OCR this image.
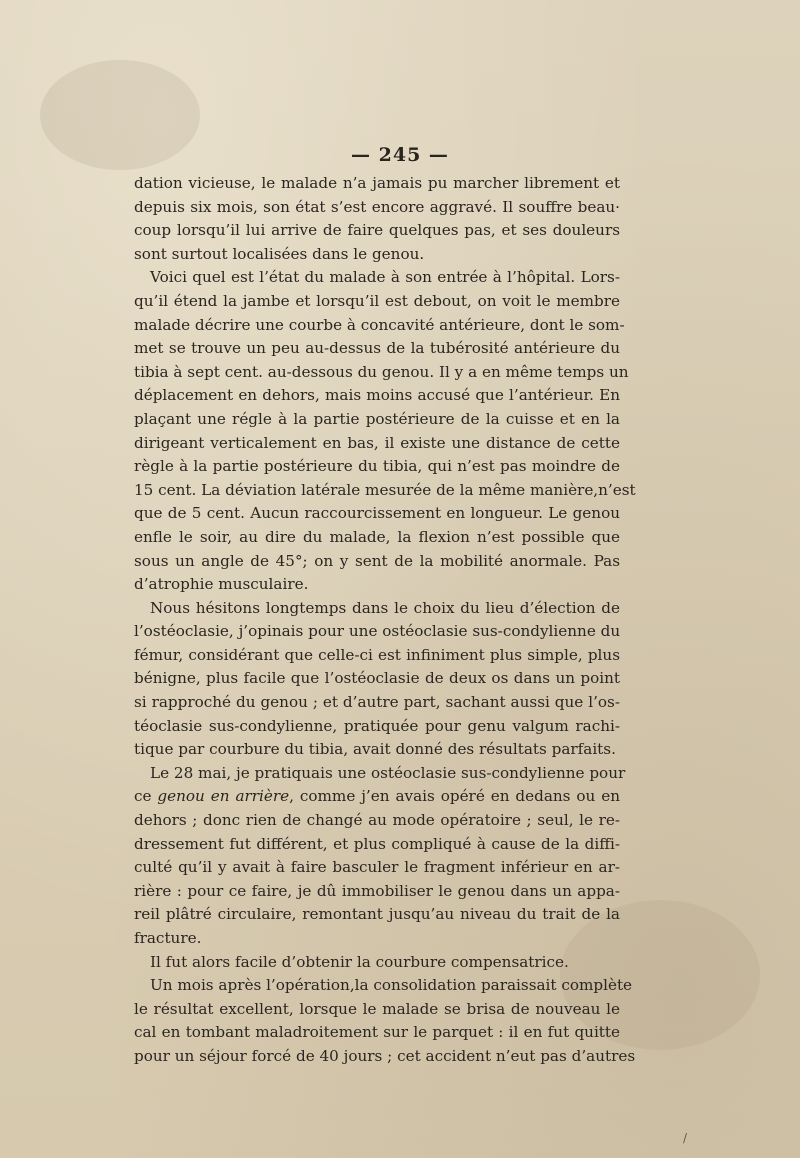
— 245 —
dation vicieuse, le malade n’a jamais pu marcher librement et
depuis six mois, son état s’est encore aggravé. Il souffre beau·
coup lorsqu’il lui arrive de faire quelques pas, et ses douleurs
sont surtout localisées dans le genou.
Voici quel est l’état du malade à son entrée à l’hôpital. Lors-
qu’il étend la jambe et lorsqu’il est debout, on voit le membre
malade décrire une courbe à concavité antérieure, dont le som-
met se trouve un peu au-dessus de la tubérosité antérieure du
tibia à sept cent. au-dessous du genou. Il y a en même temps un
déplacement en dehors, mais moins accusé que l’antérieur. En
plaçant une régle à la partie postérieure de la cuisse et en la
dirigeant verticalement en bas, il existe une distance de cette
règle à la partie postérieure du tibia, qui n’est pas moindre de
15 cent. La déviation latérale mesurée de la même manière,n’est
que de 5 cent. Aucun raccourcissement en longueur. Le genou
enfle le soir, au dire du malade, la flexion n’est possible que
sous un angle de 45°; on y sent de la mobilité anormale. Pas
d’atrophie musculaire.
Nous hésitons longtemps dans le choix du lieu d’élection de
l’ostéoclasie, j’opinais pour une ostéoclasie sus-condylienne du
fémur, considérant que celle-ci est infiniment plus simple, plus
bénigne, plus facile que l’ostéoclasie de deux os dans un point
si rapproché du genou ; et d’autre part, sachant aussi que l’os-
téoclasie sus-condylienne, pratiquée pour genu valgum rachi-
tique par courbure du tibia, avait donné des résultats parfaits.
Le 28 mai, je pratiquais une ostéoclasie sus-condylienne pour
ce genou en arrière, comme j’en avais opéré en dedans ou en
dehors ; donc rien de changé au mode opératoire ; seul, le re-
dressement fut différent, et plus compliqué à cause de la diffi-
culté qu’il y avait à faire basculer le fragment inférieur en ar-
rière : pour ce faire, je dû immobiliser le genou dans un appa-
reil plâtré circulaire, remontant jusqu’au niveau du trait de la
fracture.
Il fut alors facile d’obtenir la courbure compensatrice.
Un mois après l’opération,la consolidation paraissait complète
le résultat excellent, lorsque le malade se brisa de nouveau le
cal en tombant maladroitement sur le parquet : il en fut quitte
pour un séjour forcé de 40 jours ; cet accident n’eut pas d’autres
/
